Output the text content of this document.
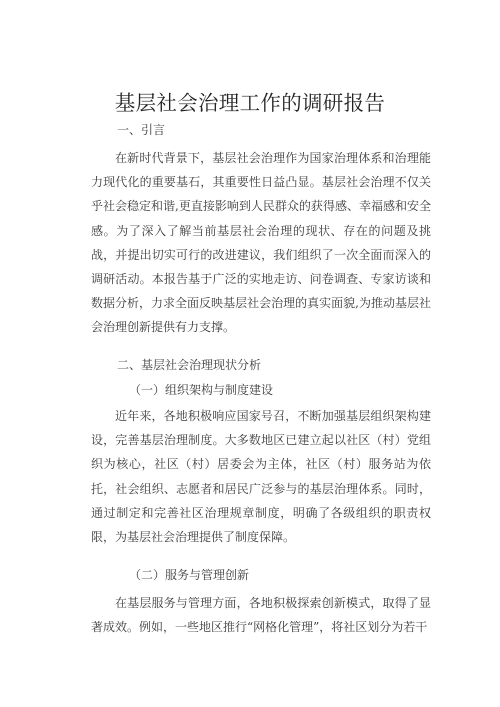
基层社会治理工作的调研报告

一、引言

在新时代背景下，基层社会治理作为国家治理体系和治理能力现代化的重要基石，其重要性日益凸显。基层社会治理不仅关乎社会稳定和谐,更直接影响到人民群众的获得感、幸福感和安全感。为了深入了解当前基层社会治理的现状、存在的问题及挑战，并提出切实可行的改进建议，我们组织了一次全面而深入的调研活动。本报告基于广泛的实地走访、问卷调查、专家访谈和数据分析，力求全面反映基层社会治理的真实面貌,为推动基层社会治理创新提供有力支撑。

二、基层社会治理现状分析

（一）组织架构与制度建设

近年来，各地积极响应国家号召，不断加强基层组织架构建设，完善基层治理制度。大多数地区已建立起以社区（村）党组织为核心，社区（村）居委会为主体，社区（村）服务站为依托，社会组织、志愿者和居民广泛参与的基层治理体系。同时，通过制定和完善社区治理规章制度，明确了各级组织的职责权限，为基层社会治理提供了制度保障。

（二）服务与管理创新

在基层服务与管理方面，各地积极探索创新模式，取得了显著成效。例如，一些地区推行“网格化管理”，将社区划分为若干
